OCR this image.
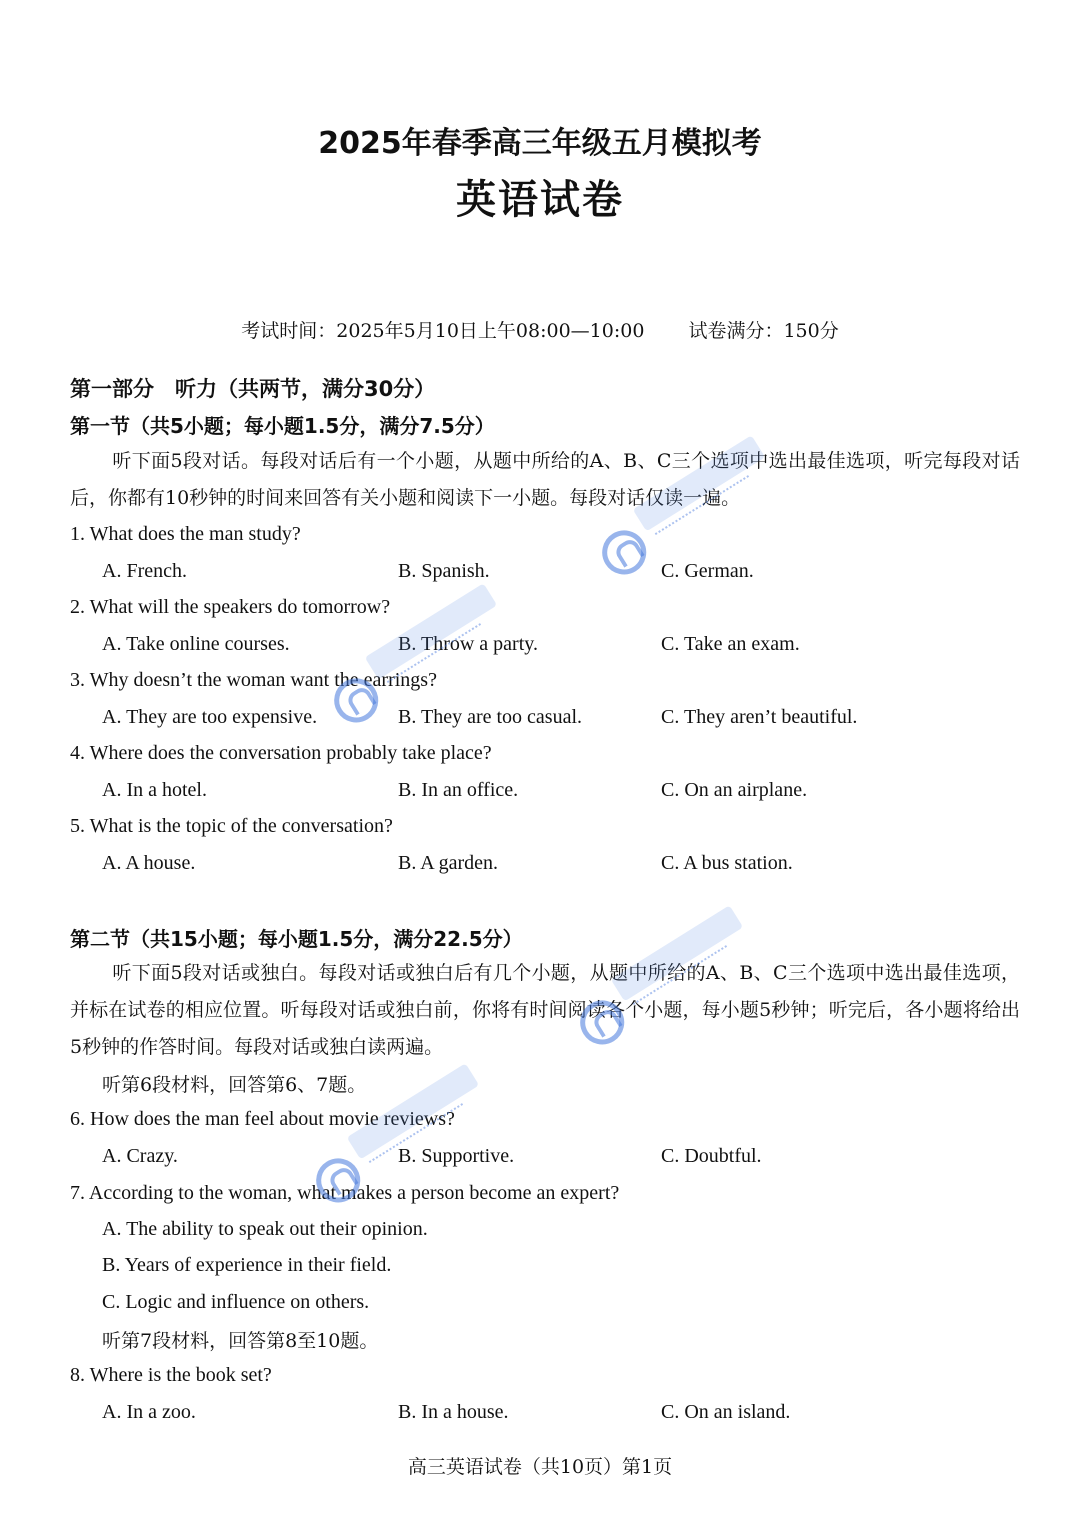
2025年春季高三年级五月模拟考
英语试卷
考试时间：2025年5月10日上午08:00—10:00 试卷满分：150分
第一部分　听力（共两节，满分30分）
第一节（共5小题；每小题1.5分，满分7.5分）
听下面5段对话。每段对话后有一个小题，从题中所给的A、B、C三个选项中选出最佳选项，听完每段对话后，你都有10秒钟的时间来回答有关小题和阅读下一小题。每段对话仅读一遍。
1. What does the man study?
A. French.	B. Spanish.	C. German.
2. What will the speakers do tomorrow?
A. Take online courses.	B. Throw a party.	C. Take an exam.
3. Why doesn’t the woman want the earrings?
A. They are too expensive.	B. They are too casual.	C. They aren’t beautiful.
4. Where does the conversation probably take place?
A. In a hotel.	B. In an office.	C. On an airplane.
5. What is the topic of the conversation?
A. A house.	B. A garden.	C. A bus station.
第二节（共15小题；每小题1.5分，满分22.5分）
听下面5段对话或独白。每段对话或独白后有几个小题，从题中所给的A、B、C三个选项中选出最佳选项，并标在试卷的相应位置。听每段对话或独白前，你将有时间阅读各个小题，每小题5秒钟；听完后，各小题将给出5秒钟的作答时间。每段对话或独白读两遍。
听第6段材料，回答第6、7题。
6. How does the man feel about movie reviews?
A. Crazy.	B. Supportive.	C. Doubtful.
7. According to the woman, what makes a person become an expert?
A. The ability to speak out their opinion.
B. Years of experience in their field.
C. Logic and influence on others.
听第7段材料，回答第8至10题。
8. Where is the book set?
A. In a zoo.	B. In a house.	C. On an island.
高三英语试卷（共10页）第1页
